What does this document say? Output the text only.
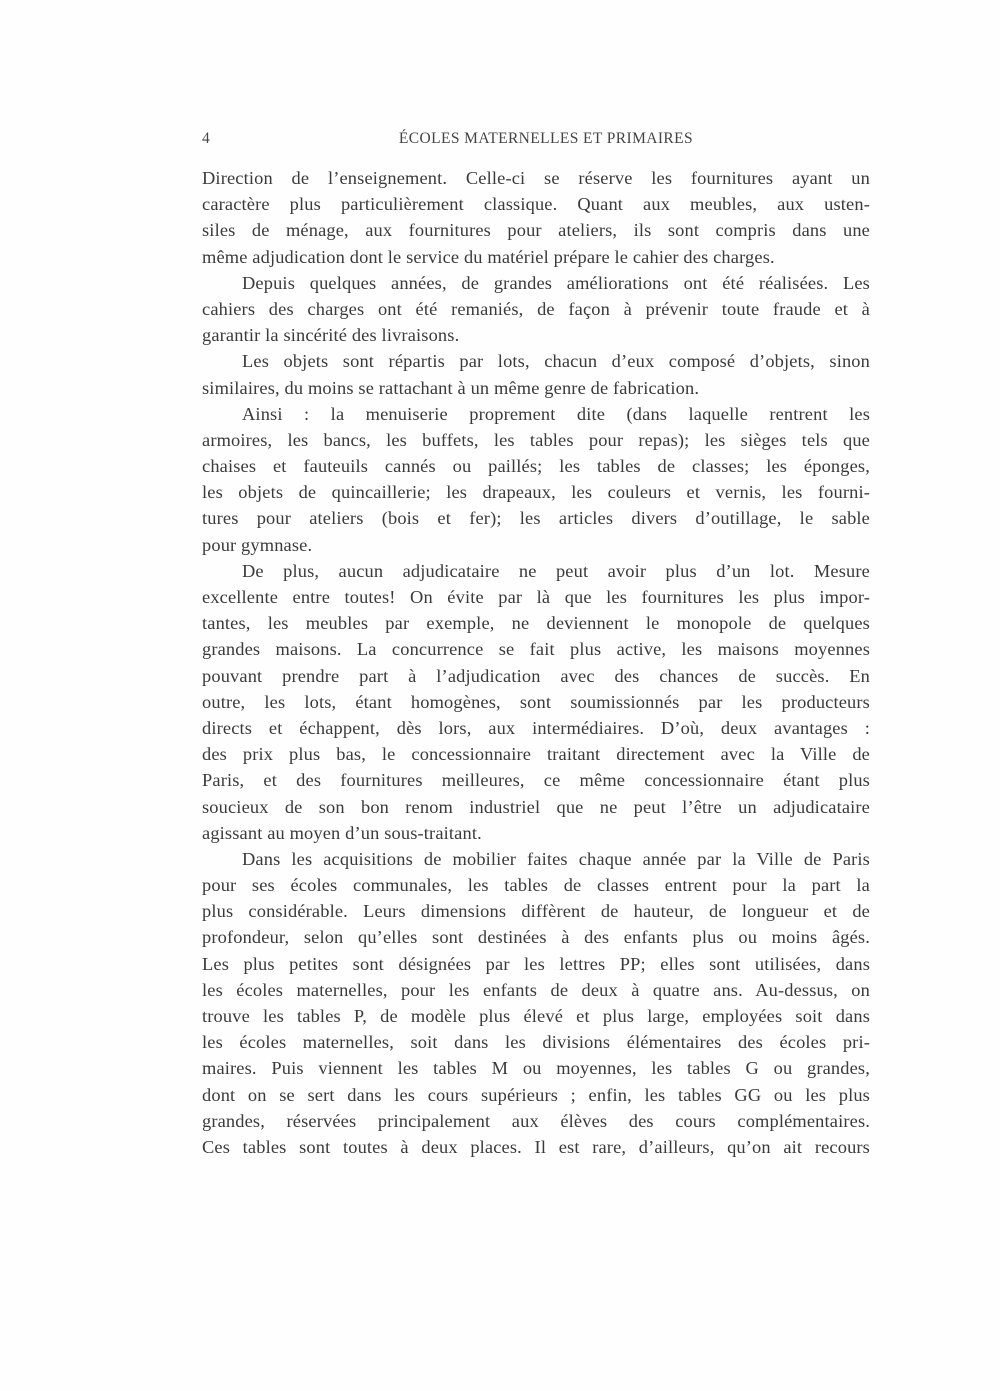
4	ÉCOLES MATERNELLES ET PRIMAIRES
Direction de l’enseignement. Celle-ci se réserve les fournitures ayant un
caractère plus particulièrement classique. Quant aux meubles, aux usten-
siles de ménage, aux fournitures pour ateliers, ils sont compris dans une
même adjudication dont le service du matériel prépare le cahier des charges.
Depuis quelques années, de grandes améliorations ont été réalisées. Les
cahiers des charges ont été remaniés, de façon à prévenir toute fraude et à
garantir la sincérité des livraisons.
Les objets sont répartis par lots, chacun d’eux composé d’objets, sinon
similaires, du moins se rattachant à un même genre de fabrication.
Ainsi : la menuiserie proprement dite (dans laquelle rentrent les
armoires, les bancs, les buffets, les tables pour repas); les sièges tels que
chaises et fauteuils cannés ou paillés; les tables de classes; les éponges,
les objets de quincaillerie; les drapeaux, les couleurs et vernis, les fourni-
tures pour ateliers (bois et fer); les articles divers d’outillage, le sable
pour gymnase.
De plus, aucun adjudicataire ne peut avoir plus d’un lot. Mesure
excellente entre toutes! On évite par là que les fournitures les plus impor-
tantes, les meubles par exemple, ne deviennent le monopole de quelques
grandes maisons. La concurrence se fait plus active, les maisons moyennes
pouvant prendre part à l’adjudication avec des chances de succès. En
outre, les lots, étant homogènes, sont soumissionnés par les producteurs
directs et échappent, dès lors, aux intermédiaires. D’où, deux avantages :
des prix plus bas, le concessionnaire traitant directement avec la Ville de
Paris, et des fournitures meilleures, ce même concessionnaire étant plus
soucieux de son bon renom industriel que ne peut l’être un adjudicataire
agissant au moyen d’un sous-traitant.
Dans les acquisitions de mobilier faites chaque année par la Ville de Paris
pour ses écoles communales, les tables de classes entrent pour la part la
plus considérable. Leurs dimensions diffèrent de hauteur, de longueur et de
profondeur, selon qu’elles sont destinées à des enfants plus ou moins âgés.
Les plus petites sont désignées par les lettres PP; elles sont utilisées, dans
les écoles maternelles, pour les enfants de deux à quatre ans. Au-dessus, on
trouve les tables P, de modèle plus élevé et plus large, employées soit dans
les écoles maternelles, soit dans les divisions élémentaires des écoles pri-
maires. Puis viennent les tables M ou moyennes, les tables G ou grandes,
dont on se sert dans les cours supérieurs ; enfin, les tables GG ou les plus
grandes, réservées principalement aux élèves des cours complémentaires.
Ces tables sont toutes à deux places. Il est rare, d’ailleurs, qu’on ait recours
